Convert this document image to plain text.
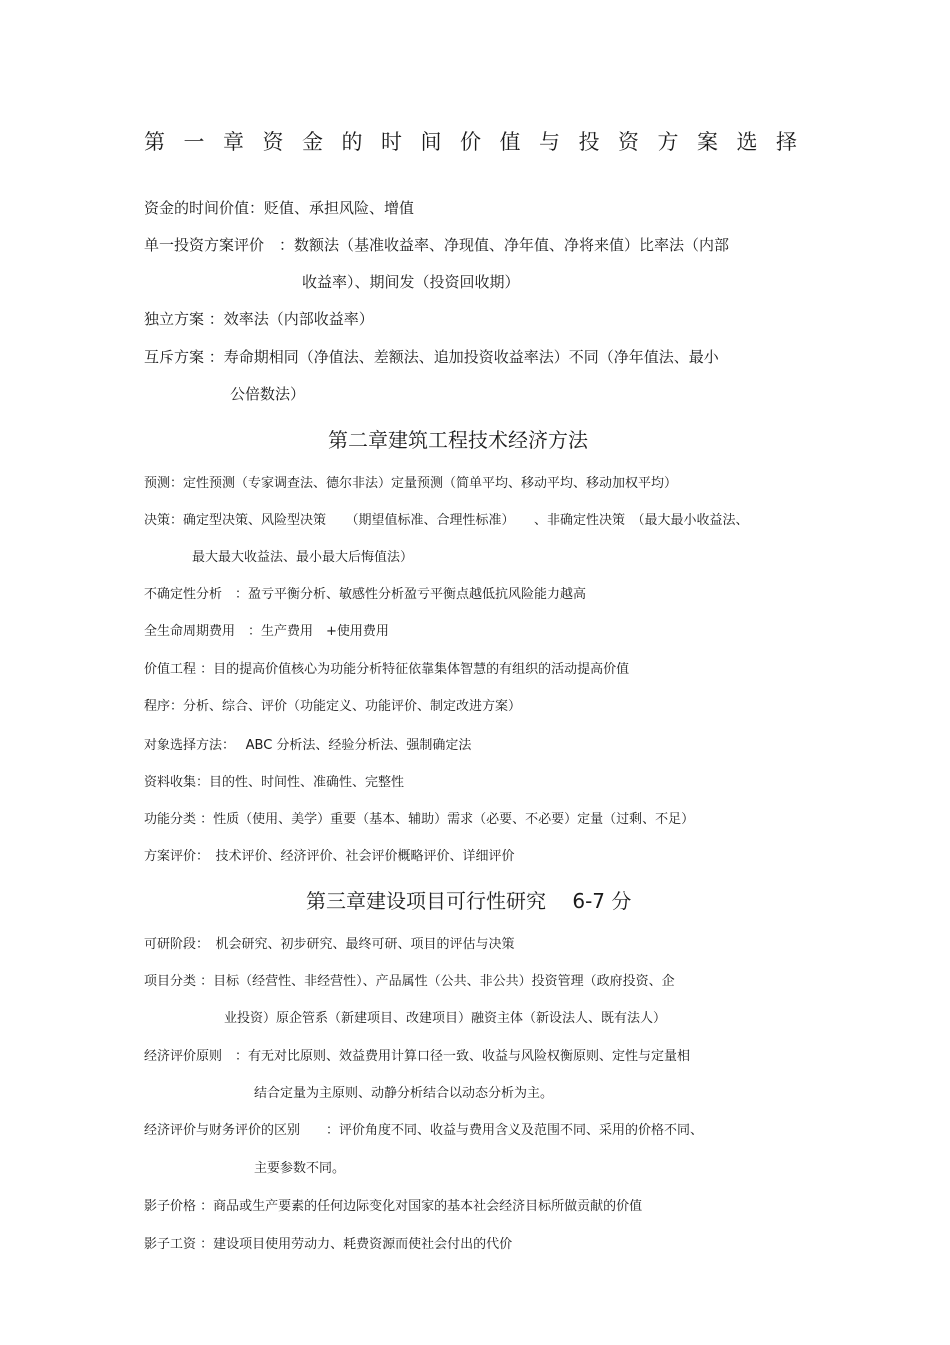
第一章资金的时间价值与投资方案选择
资金的时间价值：贬值、承担风险、增值
单一投资方案评价　：数额法（基准收益率、净现值、净年值、净将来值）比率法（内部
收益率）、期间发（投资回收期）
独立方案 ：效率法（内部收益率）
互斥方案 ：寿命期相同（净值法、差额法、追加投资收益率法）不同（净年值法、最小
公倍数法）
第二章建筑工程技术经济方法
预测：定性预测（专家调查法、德尔非法）定量预测（简单平均、移动平均、移动加权平均）
决策：确定型决策、风险型决策　　（期望值标准、合理性标准）　　、非确定性决策　（最大最小收益法、
最大最大收益法、最小最大后悔值法）
不确定性分析　：盈亏平衡分析、敏感性分析盈亏平衡点越低抗风险能力越高
全生命周期费用　：生产费用　+使用费用
价值工程 ：目的提高价值核心为功能分析特征依靠集体智慧的有组织的活动提高价值
程序：分析、综合、评价（功能定义、功能评价、制定改进方案）
对象选择方法：　 ABC 分析法、经验分析法、强制确定法
资料收集：目的性、时间性、准确性、完整性
功能分类 ：性质（使用、美学）重要（基本、辅助）需求（必要、不必要）定量（过剩、不足）
方案评价：　技术评价、经济评价、社会评价概略评价、详细评价
第三章建设项目可行性研究　 6-7 分
可研阶段：　机会研究、初步研究、最终可研、项目的评估与决策
项目分类 ：目标（经营性、非经营性）、产品属性（公共、非公共）投资管理（政府投资、企
业投资）原企管系（新建项目、改建项目）融资主体（新设法人、既有法人）
经济评价原则　：有无对比原则、效益费用计算口径一致、收益与风险权衡原则、定性与定量相
结合定量为主原则、动静分析结合以动态分析为主。
经济评价与财务评价的区别　　：评价角度不同、收益与费用含义及范围不同、采用的价格不同、
主要参数不同。
影子价格 ：商品或生产要素的任何边际变化对国家的基本社会经济目标所做贡献的价值
影子工资 ：建设项目使用劳动力、耗费资源而使社会付出的代价
